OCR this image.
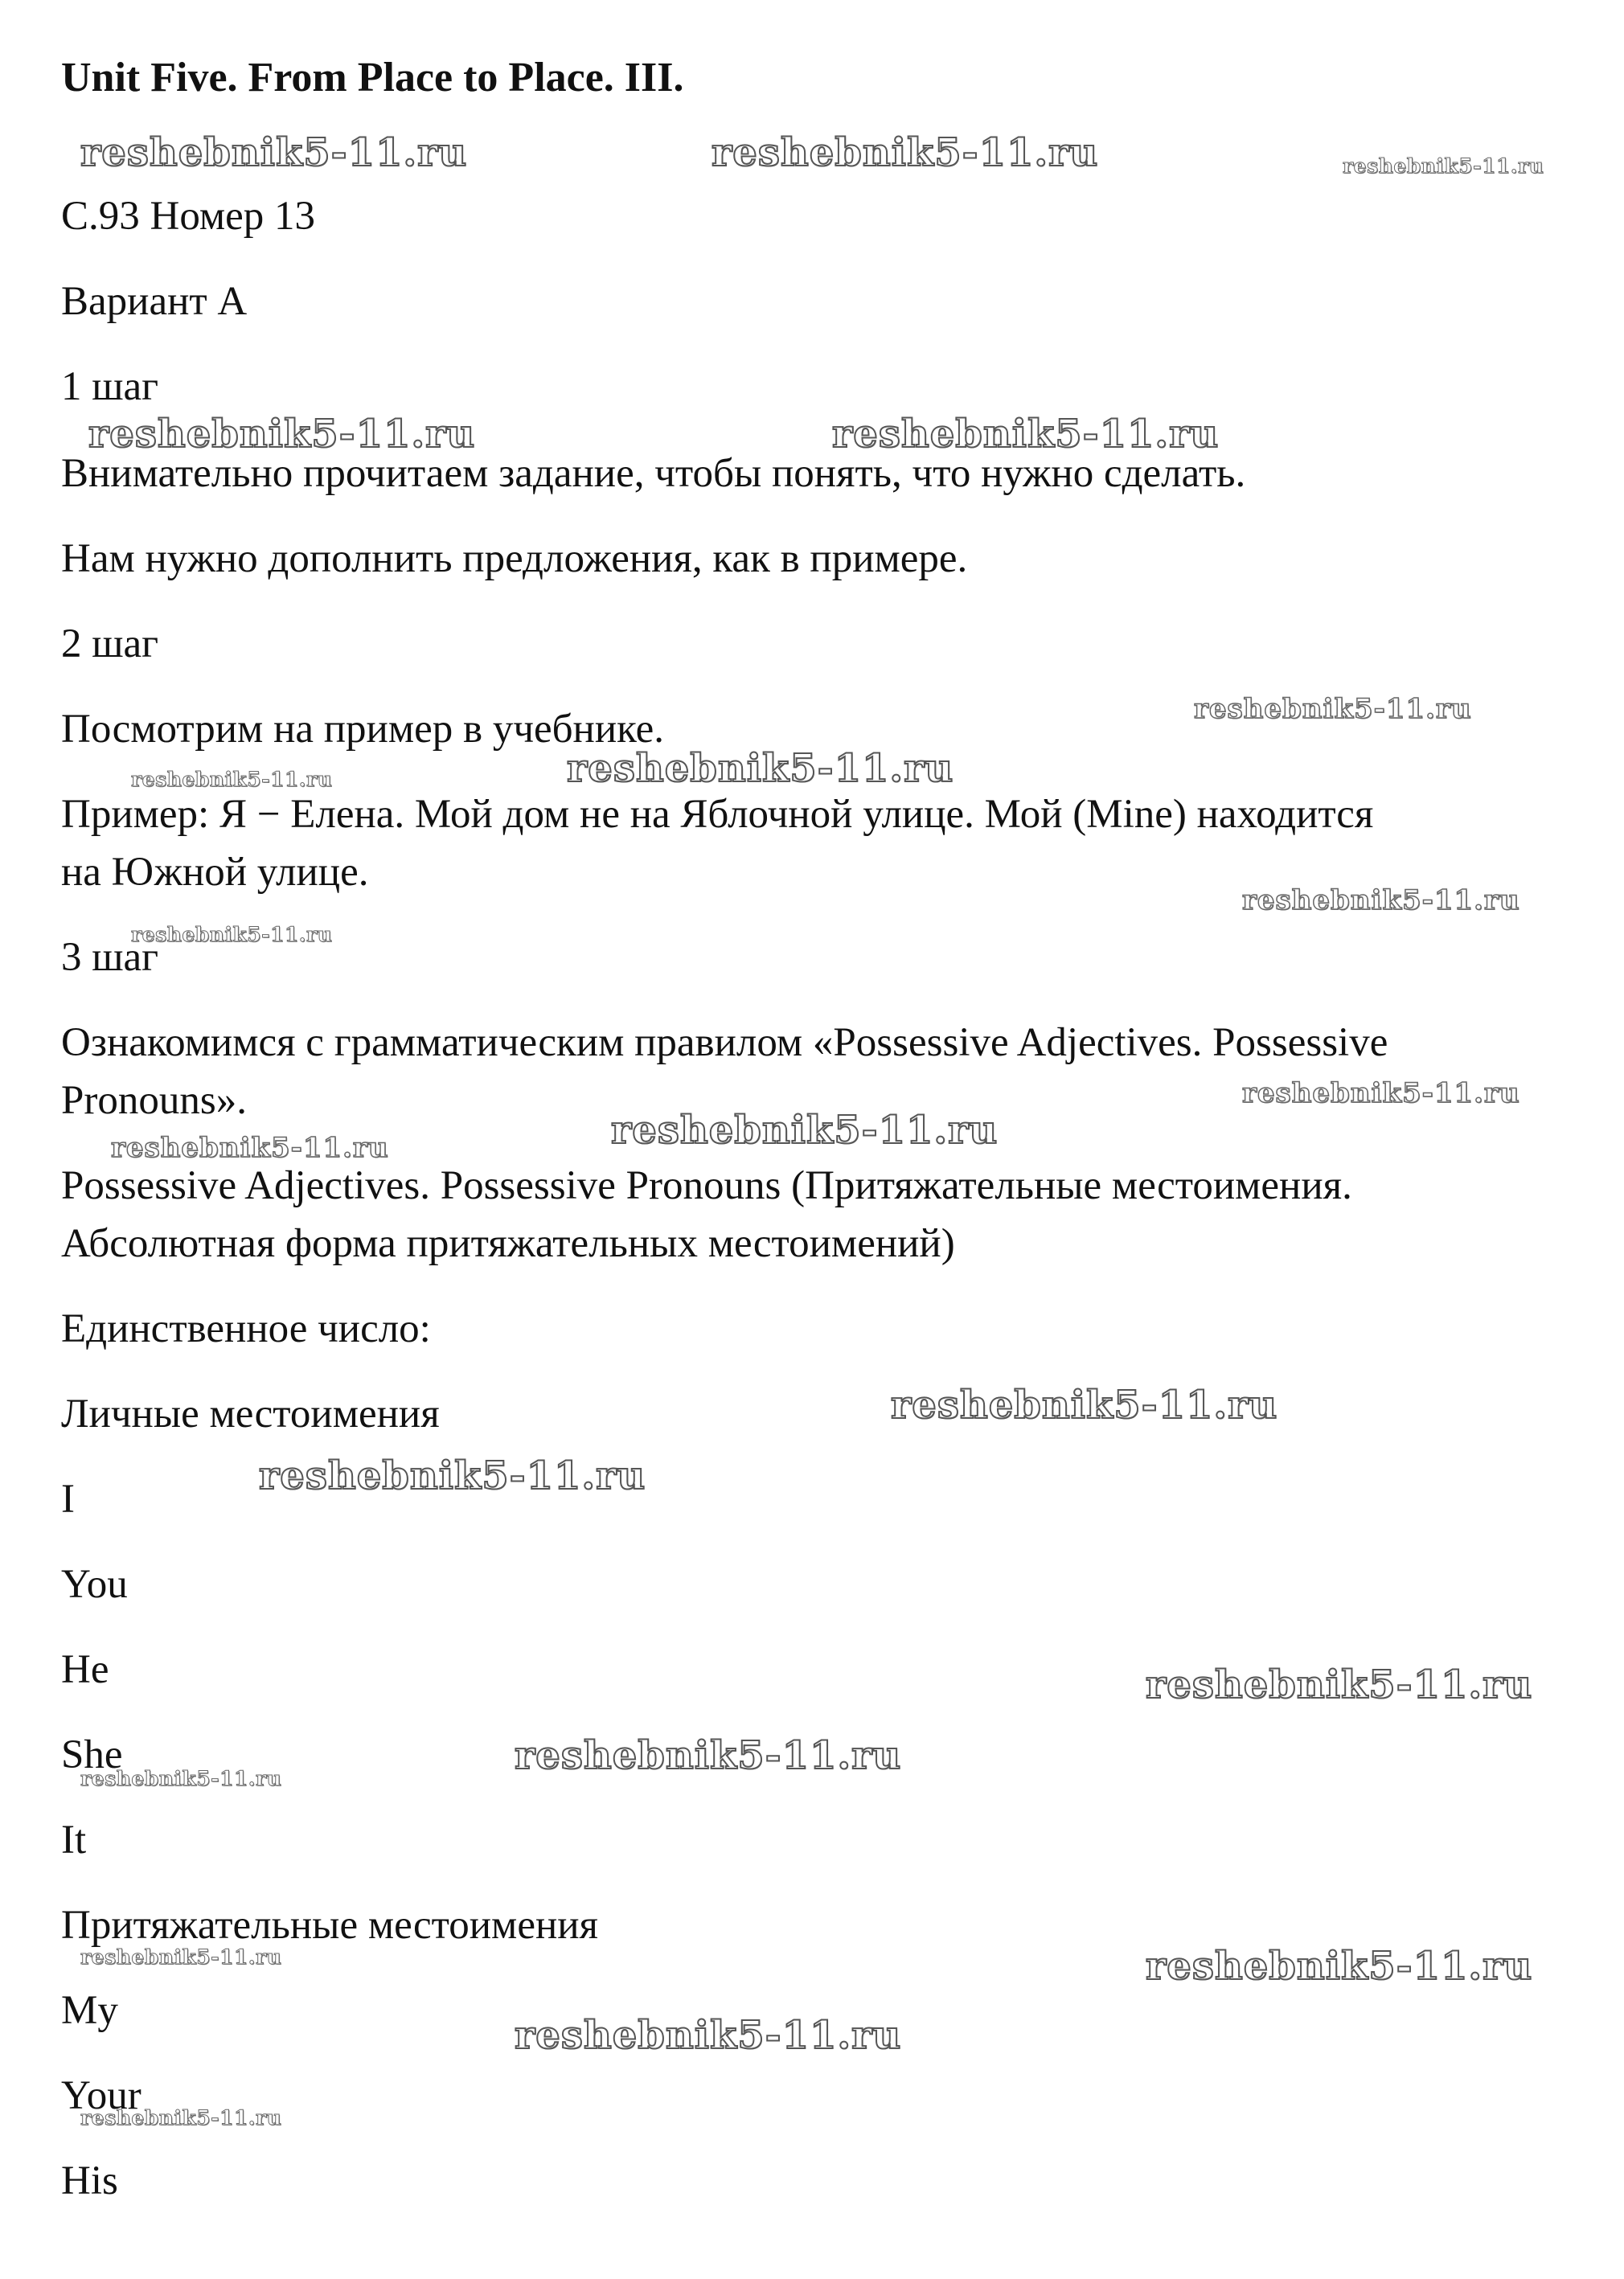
Unit Five. From Place to Place. III.
С.93 Номер 13
Вариант А
1 шаг
Внимательно прочитаем задание, чтобы понять, что нужно сделать.
Нам нужно дополнить предложения, как в примере.
2 шаг
Посмотрим на пример в учебнике.
Пример: Я − Елена. Мой дом не на Яблочной улице. Мой (Mine) находится
на Южной улице.
3 шаг
Ознакомимся с грамматическим правилом «Possessive Adjectives. Possessive
Pronouns».
Possessive Adjectives. Possessive Pronouns (Притяжательные местоимения.
Абсолютная форма притяжательных местоимений)
Единственное число:
Личные местоимения
I
You
He
She
It
Притяжательные местоимения
My
Your
His
reshebnik5-11.ru	reshebnik5-11.ru	reshebnik5-11.ru
reshebnik5-11.ru	reshebnik5-11.ru
reshebnik5-11.ru
reshebnik5-11.ru	reshebnik5-11.ru
reshebnik5-11.ru
reshebnik5-11.ru
reshebnik5-11.ru
reshebnik5-11.ru	reshebnik5-11.ru
reshebnik5-11.ru
reshebnik5-11.ru
reshebnik5-11.ru
reshebnik5-11.ru
reshebnik5-11.ru
reshebnik5-11.ru	reshebnik5-11.ru
reshebnik5-11.ru
reshebnik5-11.ru
